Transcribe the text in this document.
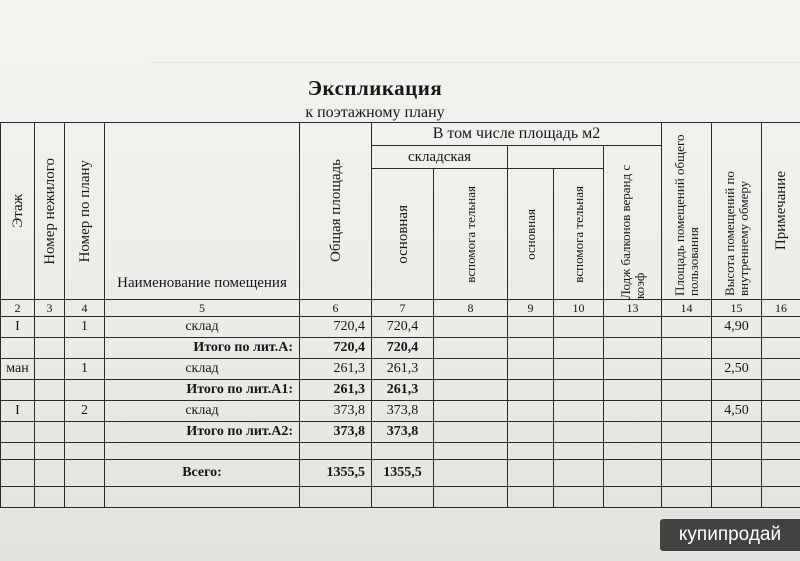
Экспликация
к поэтажному плану
Этаж	Номер нежилого	Номер по плану	Наименование помещения	Общая площадь	В том числе площадь м2					Площадь помещений общего пользования	Высота помещений по внутреннему обмеру	Примечание

					складская				Лодж балконов веранд с коэф			

					основная	вспомога тельная	основная	вспомога тельная				

2	3	4	5	6	7	8	9	10	13	14	15	16
I		1	склад	720,4	720,4						4,90	
			Итого по лит.А:	720,4	720,4							
ман		1	склад	261,3	261,3						2,50	
			Итого по лит.А1:	261,3	261,3							
I		2	склад	373,8	373,8						4,50	
			Итого по лит.А2:	373,8	373,8							

			Всего:	1355,5	1355,5							

купипродай
